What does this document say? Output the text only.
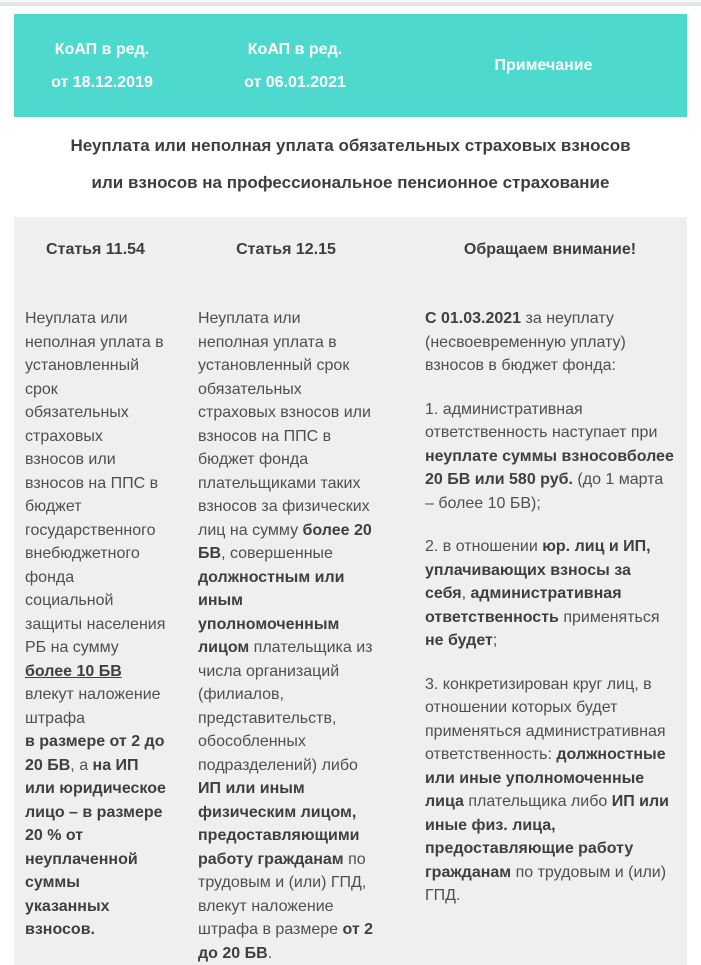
КоАП в ред.
от 18.12.2019
КоАП в ред.
от 06.01.2021
Примечание

Неуплата или неполная уплата обязательных страховых взносов

или взносов на профессиональное пенсионное страхование

Статья 11.54

Неуплата или неполная уплата в установленный срок обязательных страховых взносов или взносов на ППС в бюджет государственного внебюджетного фонда социальной защиты населения РБ на сумму более 10 БВ влекут наложение штрафа
в размере от 2 до 20 БВ, а на ИП или юридическое лицо – в размере 20 % от неуплаченной суммы указанных взносов.

Статья 12.15

Неуплата или неполная уплата в установленный срок обязательных страховых взносов или взносов на ППС в бюджет фонда плательщиками таких взносов за физических лиц на сумму более 20 БВ, совершенные должностным или иным уполномоченным лицом плательщика из числа организаций (филиалов, представительств, обособленных подразделений) либо ИП или иным физическим лицом, предоставляющими работу гражданам по трудовым и (или) ГПД, влекут наложение штрафа в размере от 2 до 20 БВ.

Обращаем внимание!

С 01.03.2021 за неуплату (несвоевременную уплату) взносов в бюджет фонда:

1. административная ответственность наступает при неуплате суммы взносовболее 20 БВ или 580 руб. (до 1 марта – более 10 БВ);

2. в отношении юр. лиц и ИП, уплачивающих взносы за себя, административная ответственность применяться не будет;

3. конкретизирован круг лиц, в отношении которых будет применяться административная ответственность: должностные или иные уполномоченные лица плательщика либо ИП или иные физ. лица, предоставляющие работу гражданам по трудовым и (или) ГПД.
